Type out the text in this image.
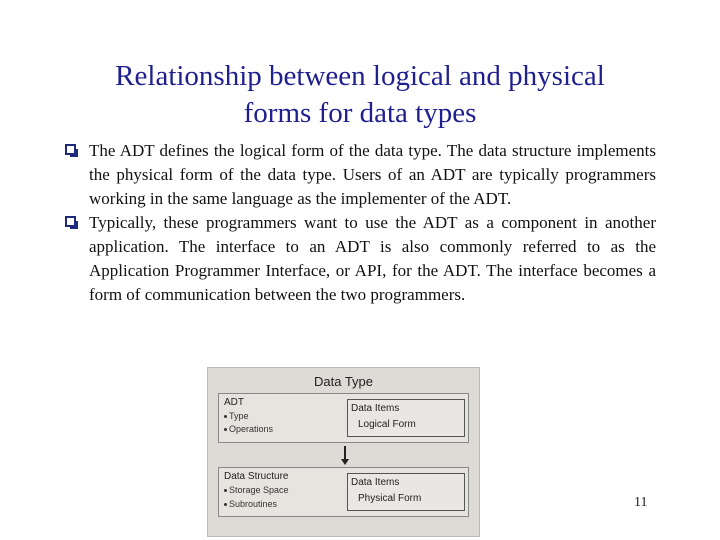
Relationship between logical and physical
forms for data types

The ADT defines the logical form of the data type. The data structure implements the physical form of the data type. Users of an ADT are typically programmers working in the same language as the implementer of the ADT.

Typically, these programmers want to use the ADT as a component in another application. The interface to an ADT is also commonly referred to as the Application Programmer Interface, or API, for the ADT. The interface becomes a form of communication between the two programmers.

Data Type
ADT
Type
Operations
Data Items
Logical Form
Data Structure
Storage Space
Subroutines
Data Items
Physical Form	11
